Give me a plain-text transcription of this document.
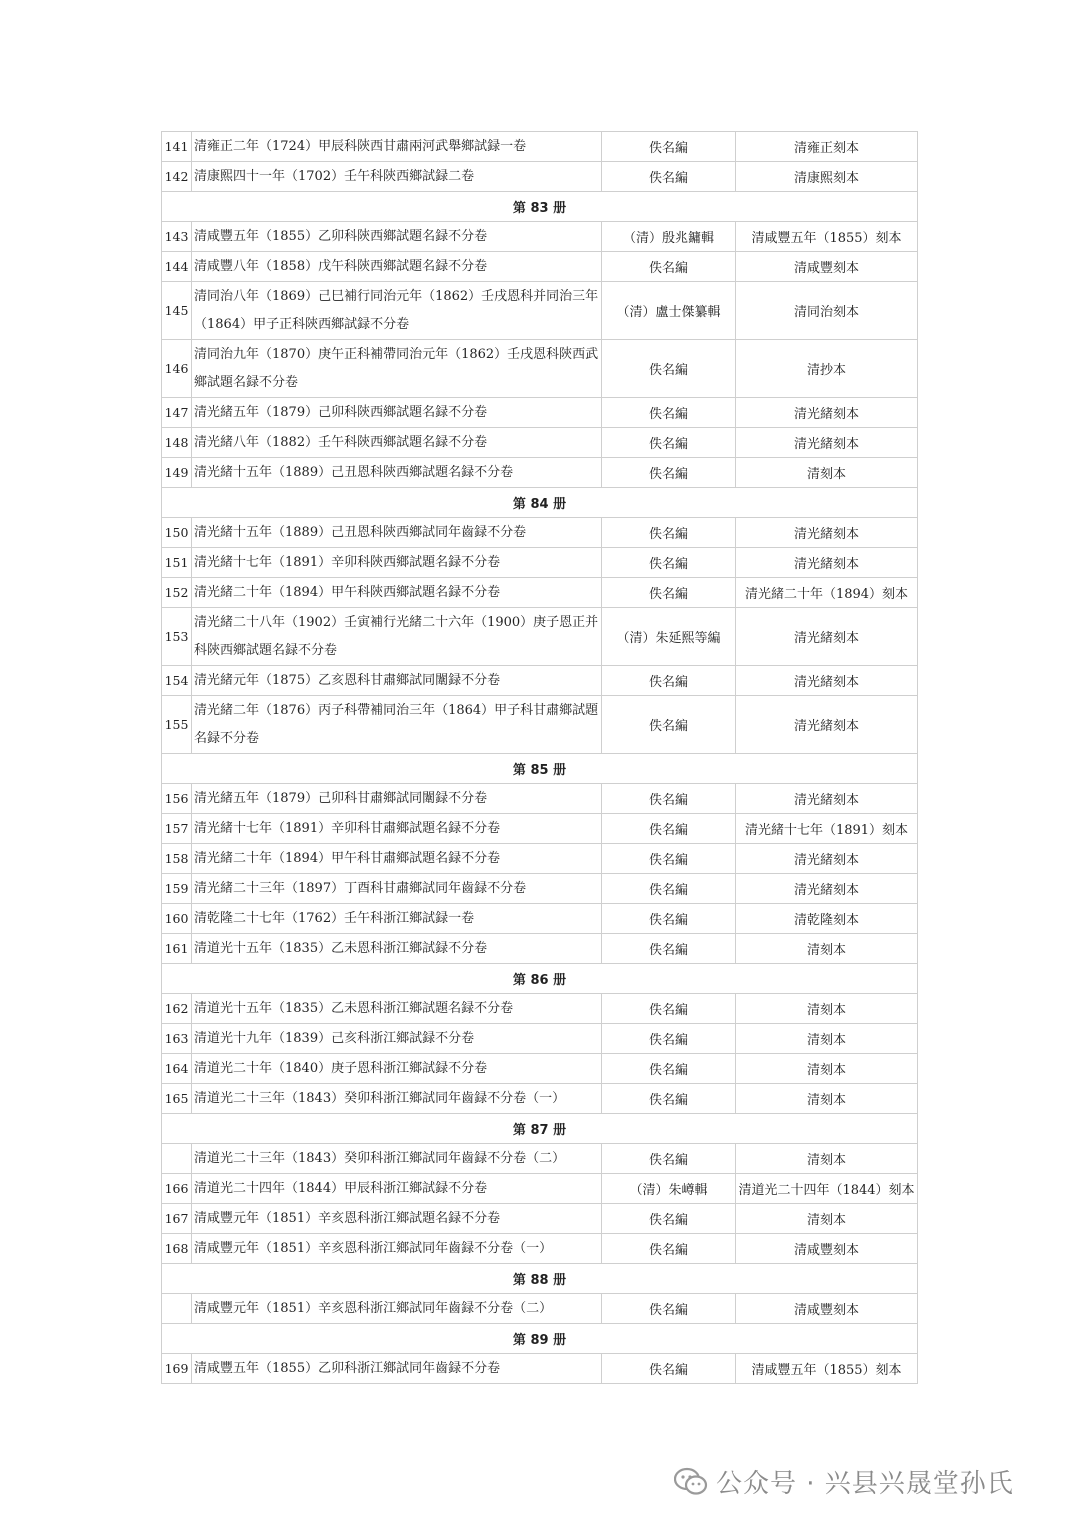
141	清雍正二年（1724）甲辰科陝西甘肅兩河武舉鄉試録一卷	佚名編	清雍正刻本
142	清康熙四十一年（1702）壬午科陝西鄉試録二卷	佚名編	清康熙刻本
第 83 册			
143	清咸豐五年（1855）乙卯科陝西鄉試題名録不分卷	（清）殷兆鏞輯	清咸豐五年（1855）刻本
144	清咸豐八年（1858）戊午科陝西鄉試題名録不分卷	佚名編	清咸豐刻本
145	清同治八年（1869）己巳補行同治元年（1862）壬戌恩科并同治三年（1864）甲子正科陝西鄉試録不分卷	（清）盧士傑纂輯	清同治刻本
146	清同治九年（1870）庚午正科補帶同治元年（1862）壬戌恩科陝西武鄉試題名録不分卷	佚名編	清抄本
147	清光緒五年（1879）己卯科陝西鄉試題名録不分卷	佚名編	清光緒刻本
148	清光緒八年（1882）壬午科陝西鄉試題名録不分卷	佚名編	清光緒刻本
149	清光緒十五年（1889）己丑恩科陝西鄉試題名録不分卷	佚名編	清刻本
第 84 册			
150	清光緒十五年（1889）己丑恩科陝西鄉試同年齒録不分卷	佚名編	清光緒刻本
151	清光緒十七年（1891）辛卯科陝西鄉試題名録不分卷	佚名編	清光緒刻本
152	清光緒二十年（1894）甲午科陝西鄉試題名録不分卷	佚名編	清光緒二十年（1894）刻本
153	清光緒二十八年（1902）壬寅補行光緒二十六年（1900）庚子恩正并科陝西鄉試題名録不分卷	（清）朱延熙等編	清光緒刻本
154	清光緒元年（1875）乙亥恩科甘肅鄉試同闈録不分卷	佚名編	清光緒刻本
155	清光緒二年（1876）丙子科帶補同治三年（1864）甲子科甘肅鄉試題名録不分卷	佚名編	清光緒刻本
第 85 册			
156	清光緒五年（1879）己卯科甘肅鄉試同闈録不分卷	佚名編	清光緒刻本
157	清光緒十七年（1891）辛卯科甘肅鄉試題名録不分卷	佚名編	清光緒十七年（1891）刻本
158	清光緒二十年（1894）甲午科甘肅鄉試題名録不分卷	佚名編	清光緒刻本
159	清光緒二十三年（1897）丁酉科甘肅鄉試同年齒録不分卷	佚名編	清光緒刻本
160	清乾隆二十七年（1762）壬午科浙江鄉試録一卷	佚名編	清乾隆刻本
161	清道光十五年（1835）乙未恩科浙江鄉試録不分卷	佚名編	清刻本
第 86 册			
162	清道光十五年（1835）乙未恩科浙江鄉試題名録不分卷	佚名編	清刻本
163	清道光十九年（1839）己亥科浙江鄉試録不分卷	佚名編	清刻本
164	清道光二十年（1840）庚子恩科浙江鄉試録不分卷	佚名編	清刻本
165	清道光二十三年（1843）癸卯科浙江鄉試同年齒録不分卷（一）	佚名編	清刻本
第 87 册			
	清道光二十三年（1843）癸卯科浙江鄉試同年齒録不分卷（二）	佚名編	清刻本
166	清道光二十四年（1844）甲辰科浙江鄉試録不分卷	（清）朱嶟輯	清道光二十四年（1844）刻本
167	清咸豐元年（1851）辛亥恩科浙江鄉試題名録不分卷	佚名編	清刻本
168	清咸豐元年（1851）辛亥恩科浙江鄉試同年齒録不分卷（一）	佚名編	清咸豐刻本
第 88 册			
	清咸豐元年（1851）辛亥恩科浙江鄉試同年齒録不分卷（二）	佚名編	清咸豐刻本
第 89 册			
169	清咸豐五年（1855）乙卯科浙江鄉試同年齒録不分卷	佚名編	清咸豐五年（1855）刻本
公众号 · 兴县兴晟堂孙氏
